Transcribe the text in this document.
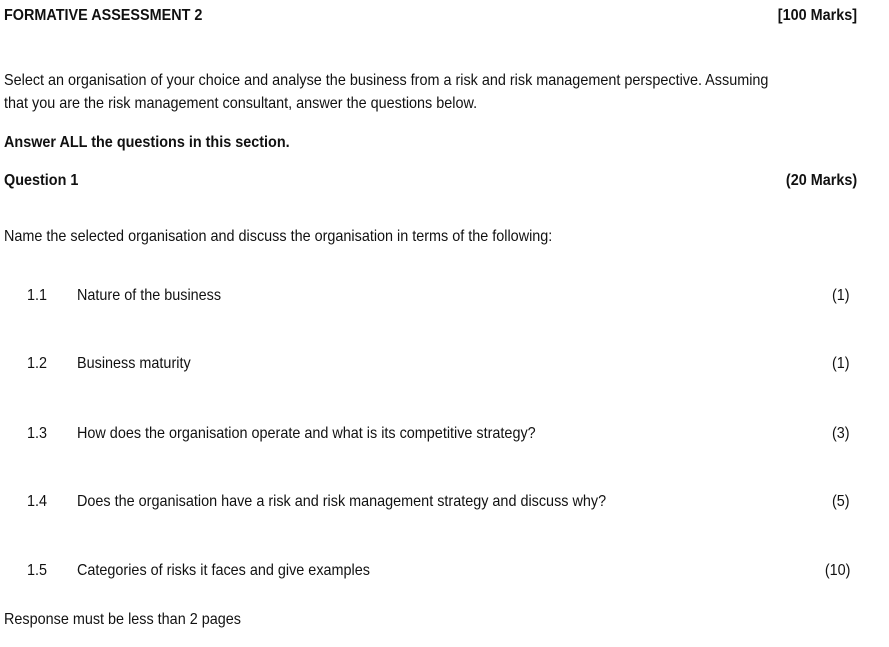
FORMATIVE ASSESSMENT 2	[100 Marks]
Select an organisation of your choice and analyse the business from a risk and risk management perspective. Assuming that you are the risk management consultant, answer the questions below.
Answer ALL the questions in this section.
Question 1	(20 Marks)
Name the selected organisation and discuss the organisation in terms of the following:
1.1 Nature of the business	(1)
1.2 Business maturity	(1)
1.3 How does the organisation operate and what is its competitive strategy?	(3)
1.4 Does the organisation have a risk and risk management strategy and discuss why?	(5)
1.5 Categories of risks it faces and give examples	(10)
Response must be less than 2 pages
